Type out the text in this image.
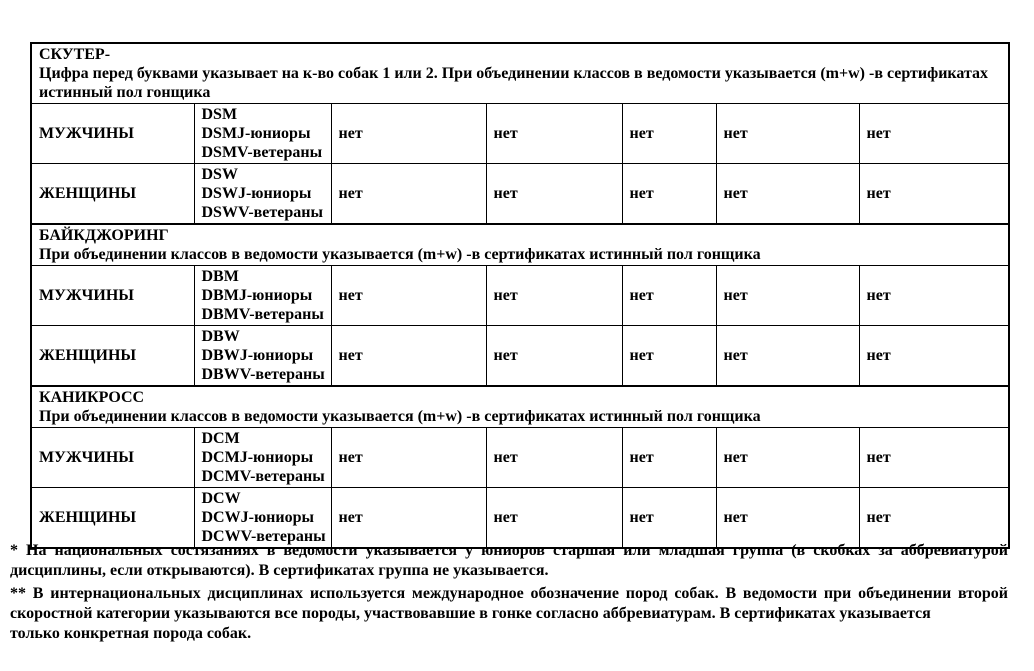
СКУТЕР-
Цифра перед буквами указывает на к-во собак 1 или 2. При объединении классов в ведомости указывается (m+w) -в сертификатах истинный пол гонщика						

МУЖЧИНЫ	DSM
DSMJ-юниоры
DSMV-ветераны	нет	нет	нет	нет	нет
ЖЕНЩИНЫ	DSW
DSWJ-юниоры
DSWV-ветераны	нет	нет	нет	нет	нет

БАЙКДЖОРИНГ
При объединении классов в ведомости указывается (m+w) -в сертификатах истинный пол гонщика						

МУЖЧИНЫ	DBM
DBMJ-юниоры
DBMV-ветераны	нет	нет	нет	нет	нет
ЖЕНЩИНЫ	DBW
DBWJ-юниоры
DBWV-ветераны	нет	нет	нет	нет	нет

КАНИКРОСС
При объединении классов в ведомости указывается (m+w) -в сертификатах истинный пол гонщика						

МУЖЧИНЫ	DCM
DCMJ-юниоры
DCMV-ветераны	нет	нет	нет	нет	нет
ЖЕНЩИНЫ	DCW
DCWJ-юниоры
DCWV-ветераны	нет	нет	нет	нет	нет
* На национальных состязаниях в ведомости указывается у юниоров старшая или младшая группа (в скобках за аббревиатурой
дисциплины, если открываются). В сертификатах группа не указывается.
** В интернациональных дисциплинах используется международное обозначение пород собак. В ведомости при объединении второй
скоростной категории указываются все породы, участвовавшие в гонке согласно аббревиатурам. В сертификатах указывается
только конкретная порода собак.
